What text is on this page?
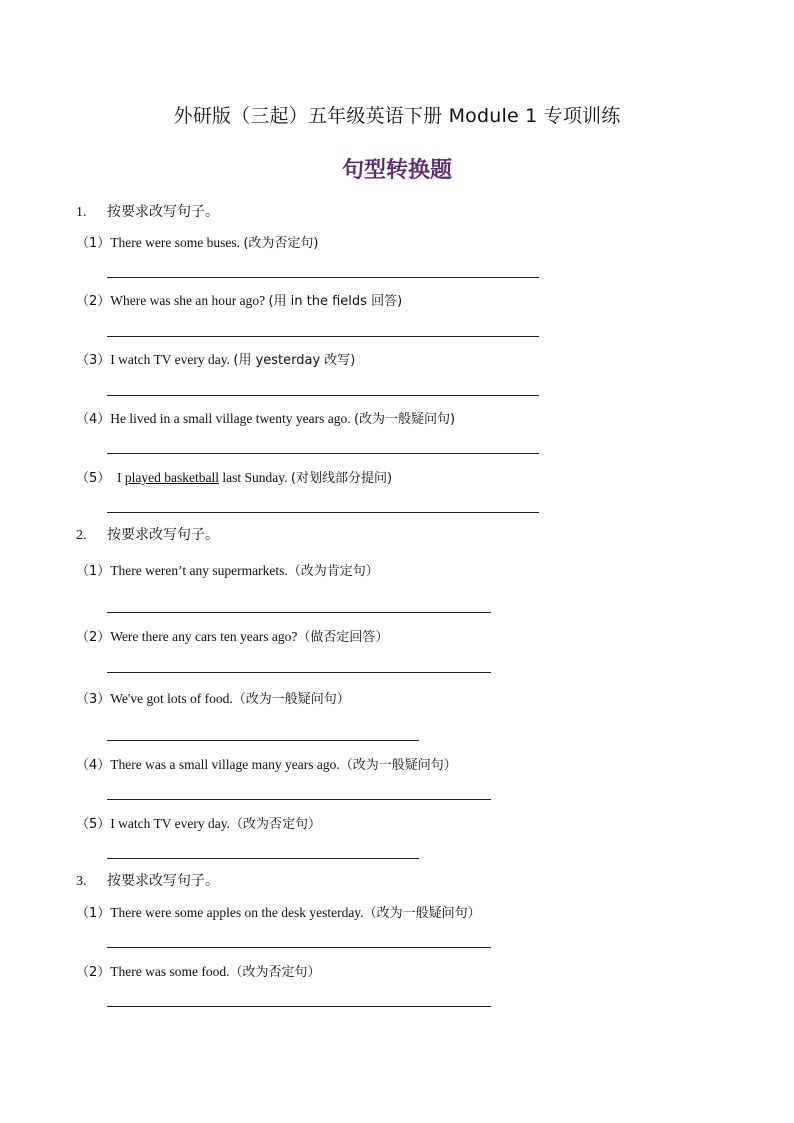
外研版（三起）五年级英语下册 Module 1 专项训练
句型转换题
1. 按要求改写句子。
（1）There were some buses. (改为否定句)
（2）Where was she an hour ago? (用 in the fields 回答)
（3）I watch TV every day. (用 yesterday 改写)
（4）He lived in a small village twenty years ago. (改为一般疑问句)
（5） I played basketball last Sunday. (对划线部分提问)
2. 按要求改写句子。
（1）There weren’t any supermarkets.（改为肯定句）
（2）Were there any cars ten years ago?（做否定回答）
（3）We've got lots of food.（改为一般疑问句）
（4）There was a small village many years ago.（改为一般疑问句）
（5）I watch TV every day.（改为否定句）
3. 按要求改写句子。
（1）There were some apples on the desk yesterday.（改为一般疑问句）
（2）There was some food.（改为否定句）
